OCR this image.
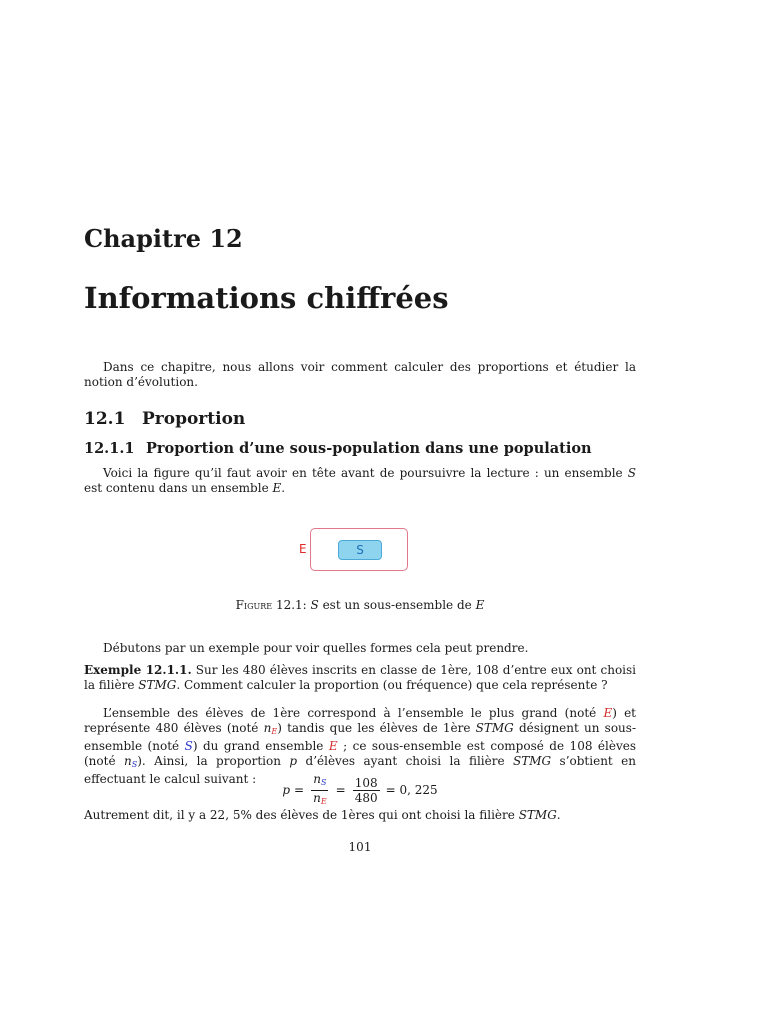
Chapitre 12
Informations chiffrées

Dans ce chapitre, nous allons voir comment calculer des proportions et étudier la notion d’évolution.

12.1 Proportion
12.1.1 Proportion d’une sous-population dans une population

Voici la figure qu’il faut avoir en tête avant de poursuivre la lecture : un ensemble S est contenu dans un ensemble E.

E	S
Figure 12.1: S est un sous-ensemble de E

Débutons par un exemple pour voir quelles formes cela peut prendre.

Exemple 12.1.1. Sur les 480 élèves inscrits en classe de 1ère, 108 d’entre eux ont choisi la filière STMG. Comment calculer la proportion (ou fréquence) que cela représente ?

L’ensemble des élèves de 1ère correspond à l’ensemble le plus grand (noté E) et représente 480 élèves (noté $n_E$) tandis que les élèves de 1ère STMG désignent un sous-ensemble (noté S) du grand ensemble E ; ce sous-ensemble est composé de 108 élèves (noté $n_S$). Ainsi, la proportion p d’élèves ayant choisi la filière STMG s’obtient en effectuant le calcul suivant :

$p = \frac{n_S}{n_E} = \frac{108}{480} = 0$, 225

Autrement dit, il y a 22, 5% des élèves de 1ères qui ont choisi la filière STMG.

101
